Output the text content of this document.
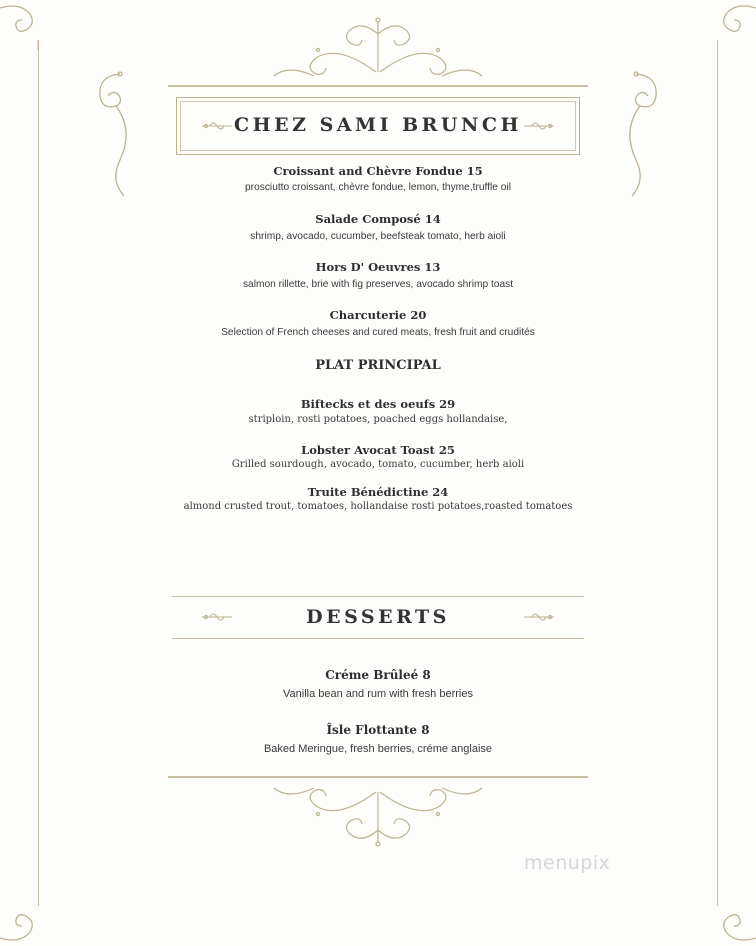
CHEZ SAMI BRUNCH
Croissant and Chèvre Fondue 15
prosciutto croissant, chèvre fondue, lemon, thyme,truffle oil
Salade Composé 14
shrimp, avocado, cucumber, beefsteak tomato, herb aioli
Hors D' Oeuvres 13
salmon rillette, brie with fig preserves, avocado shrimp toast
Charcuterie 20
Selection of French cheeses and cured meats, fresh fruit and crudités
PLAT PRINCIPAL
Biftecks et des oeufs 29
striploin, rosti potatoes, poached eggs hollandaise,
Lobster Avocat Toast 25
Grilled sourdough, avocado, tomato, cucumber, herb aioli
Truite Bénédictine 24
almond crusted trout, tomatoes, hollandaise rosti potatoes,roasted tomatoes
DESSERTS
Créme Brûleé 8
Vanilla bean and rum with fresh berries
Îsle Flottante 8
Baked Meringue, fresh berries, créme anglaise
menupix
